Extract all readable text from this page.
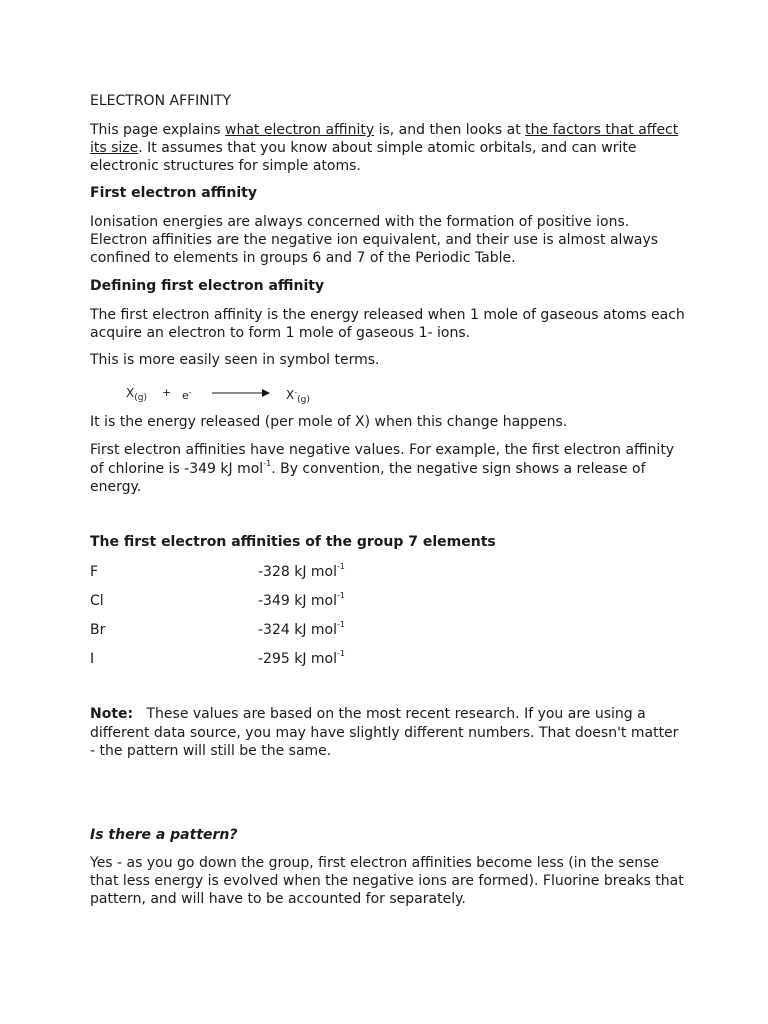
ELECTRON AFFINITY

This page explains what electron affinity is, and then looks at the factors that affect

its size. It assumes that you know about simple atomic orbitals, and can write

electronic structures for simple atoms.

First electron affinity

Ionisation energies are always concerned with the formation of positive ions.

Electron affinities are the negative ion equivalent, and their use is almost always

confined to elements in groups 6 and 7 of the Periodic Table.

Defining first electron affinity

The first electron affinity is the energy released when 1 mole of gaseous atoms each

acquire an electron to form 1 mole of gaseous 1- ions.

This is more easily seen in symbol terms.

$X_{(g)} + e^-$	$X^-_{(g)}$

It is the energy released (per mole of X) when this change happens.

First electron affinities have negative values. For example, the first electron affinity

of chlorine is -349 kJ mol$^{-1}$. By convention, the negative sign shows a release of

energy.

The first electron affinities of the group 7 elements

F	-328 kJ mol$^{-1}$
Cl	-349 kJ mol$^{-1}$
Br	-324 kJ mol$^{-1}$
I	-295 kJ mol$^{-1}$

Note: These values are based on the most recent research. If you are using a

different data source, you may have slightly different numbers. That doesn't matter

- the pattern will still be the same.

Is there a pattern?

Yes - as you go down the group, first electron affinities become less (in the sense

that less energy is evolved when the negative ions are formed). Fluorine breaks that

pattern, and will have to be accounted for separately.
